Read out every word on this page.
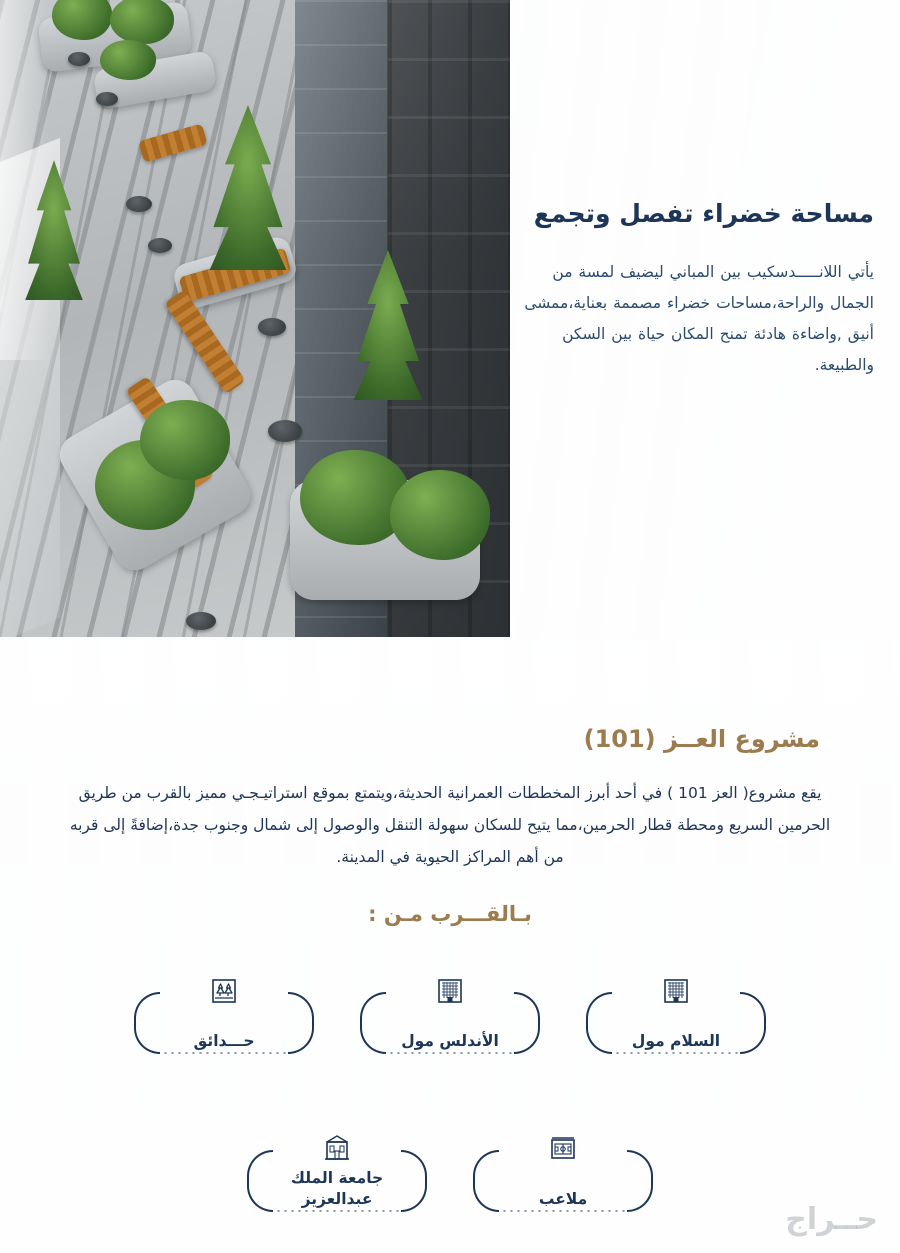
مساحة خضراء تفصل وتجمع
يأتي اللانـــــدسكيب بين المباني ليضيف لمسة من الجمال والراحة،مساحات خضراء مصممة بعناية،ممشى أنيق ,واضاءة هادئة تمنح المكان حياة بين السكن والطبيعة.
مشروع العــز (101)
يقع مشروع( العز 101 ) في أحد أبرز المخططات العمرانية الحديثة،ويتمتع بموقع استراتيـجـي مميز بالقرب من طريق الحرمين السريع ومحطة قطار الحرمين،مما يتيح للسكان سهولة التنقل والوصول إلى شمال وجنوب جدة،إضافةً إلى قربه من أهم المراكز الحيوية في المدينة.
بـالقـــرب مـن :
السلام مول
الأندلس مول
حـــدائق
ملاعب
جامعة الملك عبدالعزيز
حــراج
